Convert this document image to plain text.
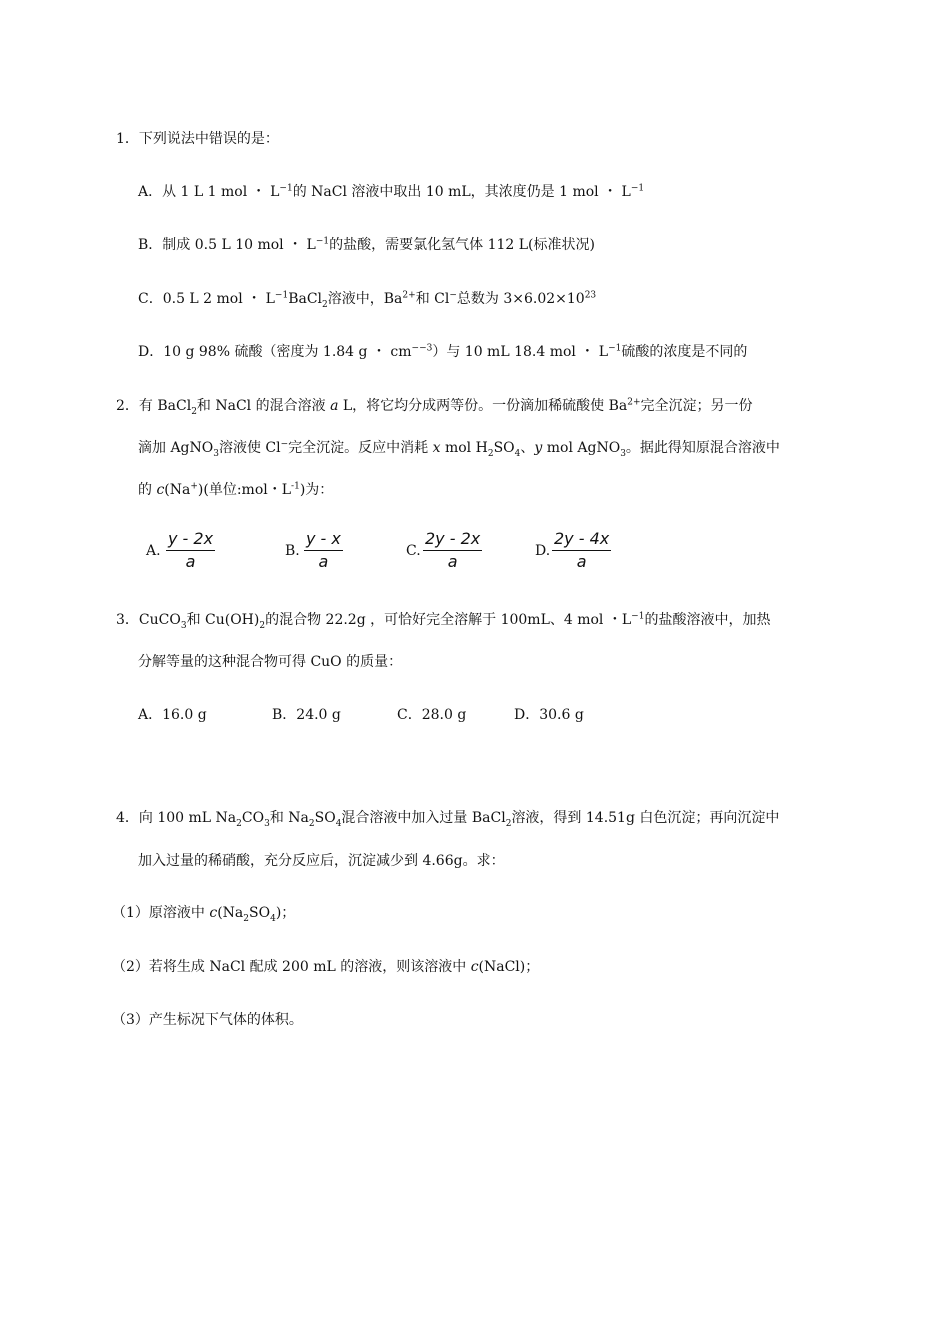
1．下列说法中错误的是：
A．从 1 L 1 mol ・ $L^{-1}$的 NaCl 溶液中取出 10 mL，其浓度仍是 1 mol ・ $L^{-1}$
B．制成 0.5 L 10 mol ・ $L^{-1}$的盐酸，需要氯化氢气体 112 L(标准状况)
C．0.5 L 2 mol ・ $L^{-1}BaCl_2$溶液中，$Ba^{2+}$和 Cl−总数为 $3\times 6.02\times 10^{23}$
D．10 g 98% 硫酸（密度为 1.84 g ・ $cm^{--3}$）与 10 mL 18.4 mol ・ $L^{-1}$硫酸的浓度是不同的
2．有 BaCl$_2$和 NaCl 的混合溶液 a L，将它均分成两等份。一份滴加稀硫酸使 $Ba^{2+}$完全沉淀；另一份
滴加 AgNO$_3$溶液使 Cl−完全沉淀。反应中消耗 x mol $H_2SO_4$、y mol AgNO$_3$。据此得知原混合溶液中
的 c(Na+)(单位:mol・$L^{-1}$)为：
A. $\frac{y - 2x}{a}$	B. $\frac{y - x}{a}$	C. $\frac{2y - 2x}{a}$	D. $\frac{2y - 4x}{a}$
3．CuCO$_3$和 $Cu(OH)_2$的混合物 22.2g ，可恰好完全溶解于 100mL、4 mol ・$L^{-1}$的盐酸溶液中，加热
分解等量的这种混合物可得 CuO 的质量：
A．16.0 g	B．24.0 g	C．28.0 g	D．30.6 g
4．向 100 mL $Na_2CO_3$和 $Na_2SO_4$混合溶液中加入过量 BaCl$_2$溶液，得到 14.51g 白色沉淀；再向沉淀中
加入过量的稀硝酸，充分反应后，沉淀减少到 4.66g。求：
（1）原溶液中 $c(Na_2SO_4)$；
（2）若将生成 NaCl 配成 200 mL 的溶液，则该溶液中 c(NaCl)；
（3）产生标况下气体的体积。
